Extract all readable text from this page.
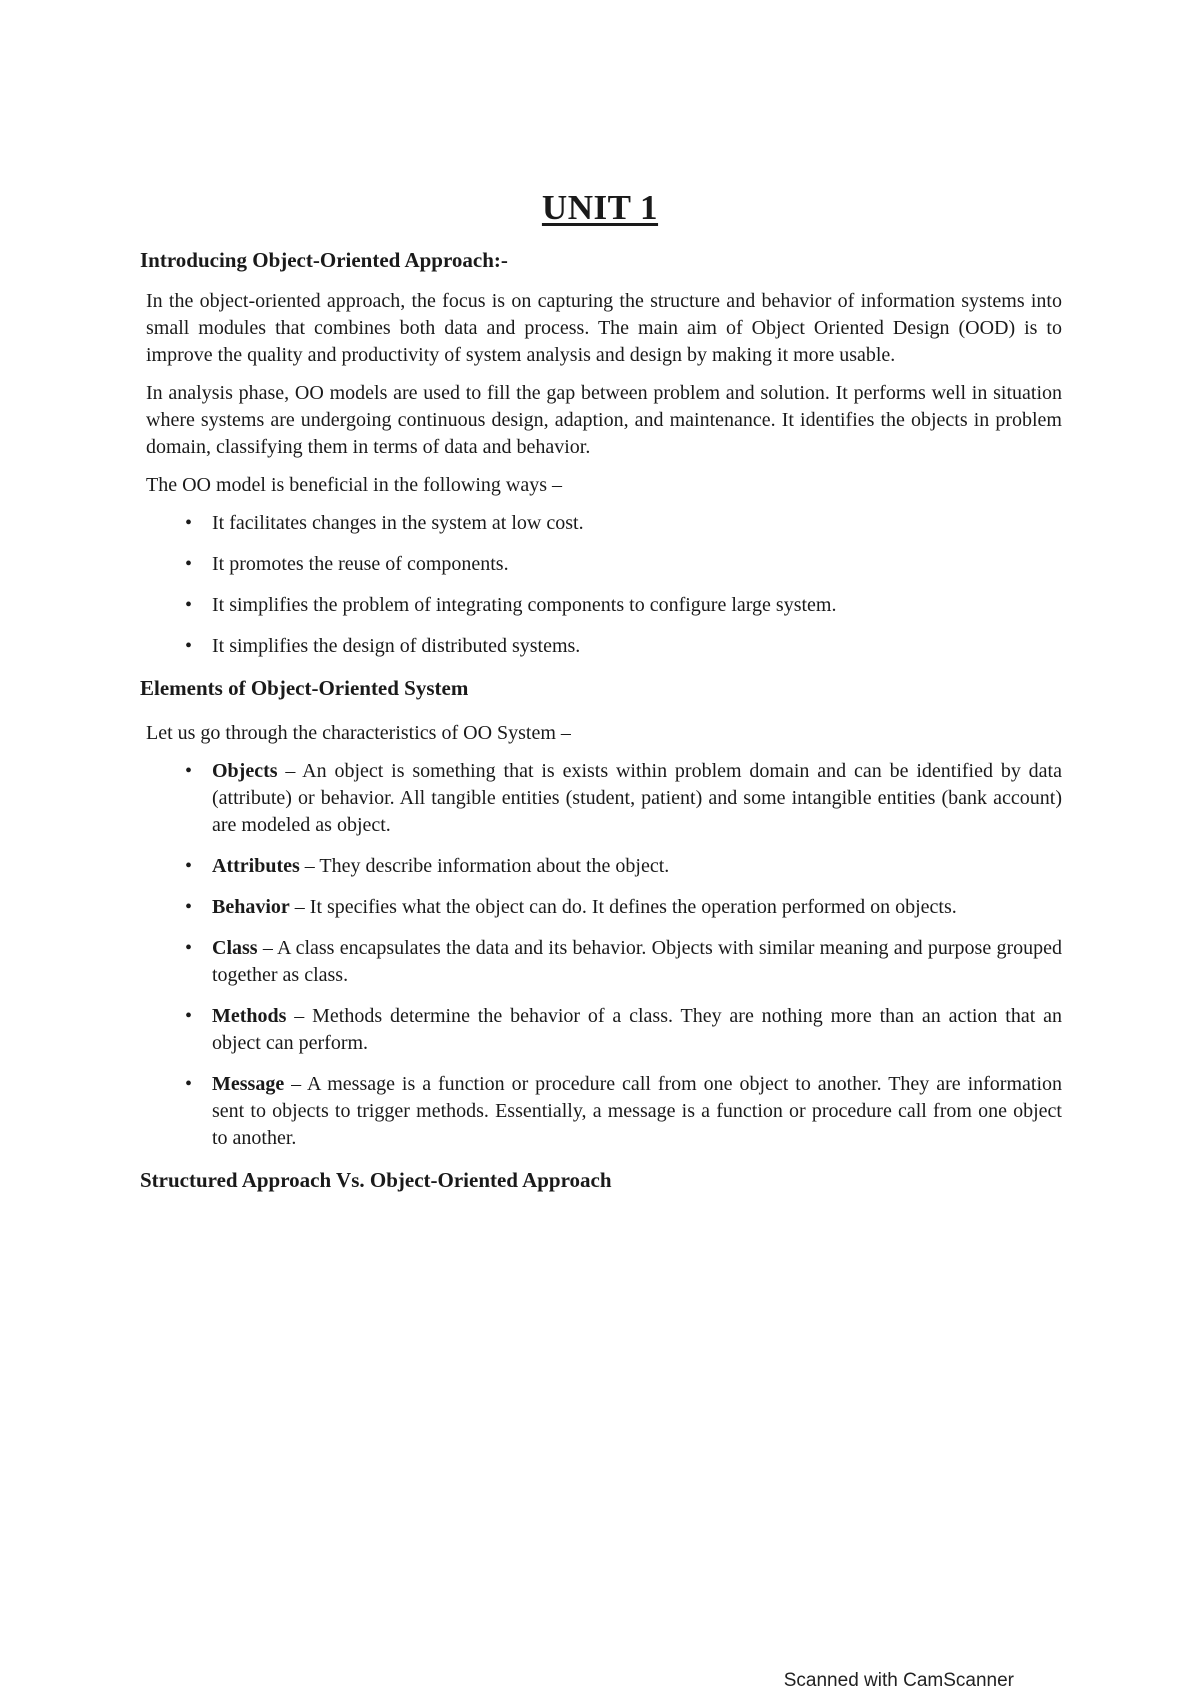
UNIT 1
Introducing Object-Oriented Approach:-

In the object-oriented approach, the focus is on capturing the structure and behavior of information systems into small modules that combines both data and process. The main aim of Object Oriented Design (OOD) is to improve the quality and productivity of system analysis and design by making it more usable.

In analysis phase, OO models are used to fill the gap between problem and solution. It performs well in situation where systems are undergoing continuous design, adaption, and maintenance. It identifies the objects in problem domain, classifying them in terms of data and behavior.

The OO model is beneficial in the following ways –

• It facilitates changes in the system at low cost.
• It promotes the reuse of components.
• It simplifies the problem of integrating components to configure large system.
• It simplifies the design of distributed systems.
Elements of Object-Oriented System

Let us go through the characteristics of OO System –

• Objects – An object is something that is exists within problem domain and can be identified by data (attribute) or behavior. All tangible entities (student, patient) and some intangible entities (bank account) are modeled as object.
• Attributes – They describe information about the object.
• Behavior – It specifies what the object can do. It defines the operation performed on objects.
• Class – A class encapsulates the data and its behavior. Objects with similar meaning and purpose grouped together as class.
• Methods – Methods determine the behavior of a class. They are nothing more than an action that an object can perform.
• Message – A message is a function or procedure call from one object to another. They are information sent to objects to trigger methods. Essentially, a message is a function or procedure call from one object to another.
Structured Approach Vs. Object-Oriented Approach
Scanned with CamScanner
